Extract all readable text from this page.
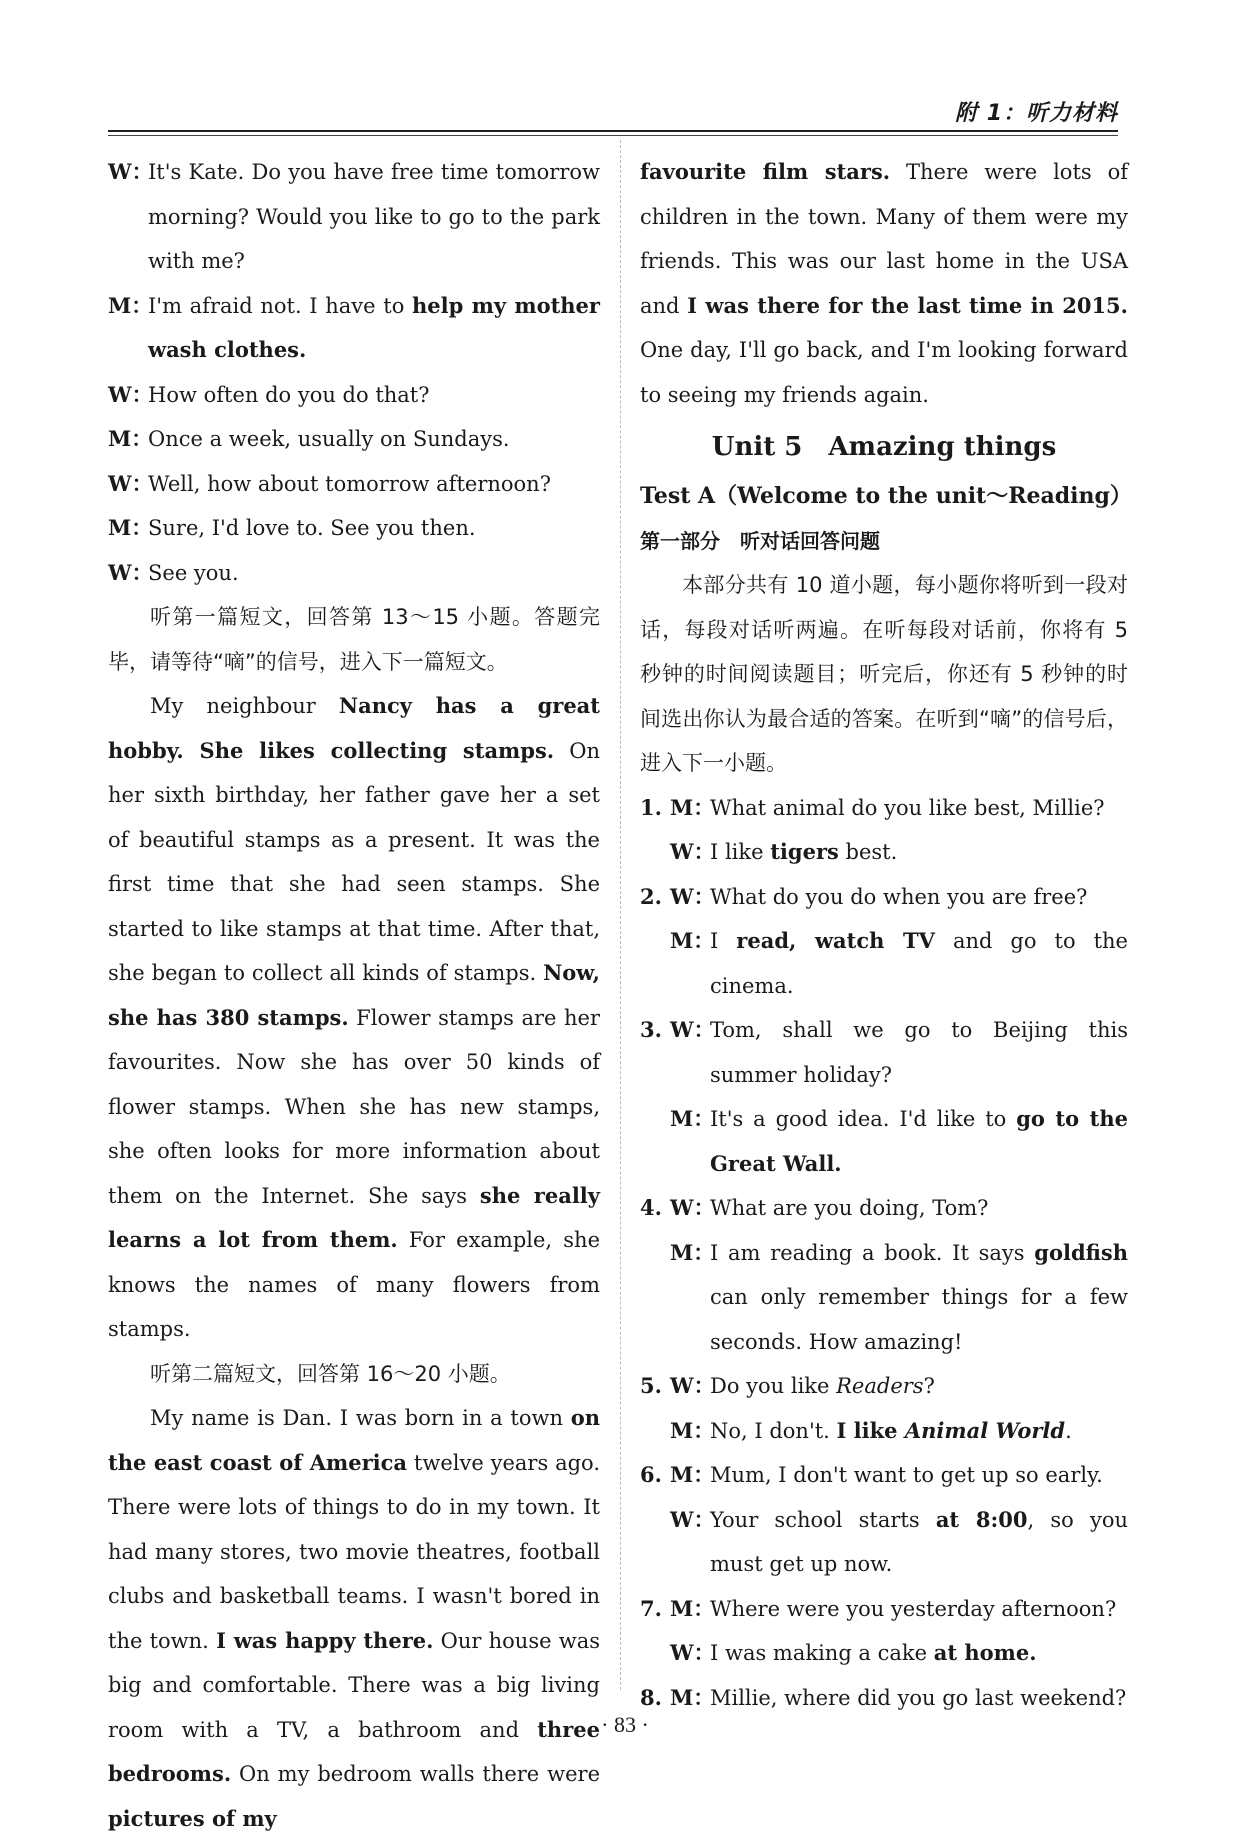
附 1：听力材料
W：
It's Kate. Do you have free time tomorrow morning? Would you like to go to the park with me?
M：
I'm afraid not. I have to help my mother wash clothes.
W：
How often do you do that?
M：
Once a week, usually on Sundays.
W：
Well, how about tomorrow afternoon?
M：
Sure, I'd love to. See you then.
W：
See you.

听第一篇短文，回答第 13～15 小题。答题完毕，请等待“嘀”的信号，进入下一篇短文。

My neighbour Nancy has a great hobby. She likes collecting stamps. On her sixth birthday, her father gave her a set of beautiful stamps as a present. It was the first time that she had seen stamps. She started to like stamps at that time. After that, she began to collect all kinds of stamps. Now, she has 380 stamps. Flower stamps are her favourites. Now she has over 50 kinds of flower stamps. When she has new stamps, she often looks for more information about them on the Internet. She says she really learns a lot from them. For example, she knows the names of many flowers from stamps.

听第二篇短文，回答第 16～20 小题。

My name is Dan. I was born in a town on the east coast of America twelve years ago. There were lots of things to do in my town. It had many stores, two movie theatres, football clubs and basketball teams. I wasn't bored in the town. I was happy there. Our house was big and comfortable. There was a big living room with a TV, a bathroom and three bedrooms. On my bedroom walls there were pictures of my

favourite film stars. There were lots of children in the town. Many of them were my friends. This was our last home in the USA and I was there for the last time in 2015. One day, I'll go back, and I'm looking forward to seeing my friends again.

Unit 5　Amazing things
Test A（Welcome to the unit～Reading）
第一部分　听对话回答问题

本部分共有 10 道小题，每小题你将听到一段对话，每段对话听两遍。在听每段对话前，你将有 5 秒钟的时间阅读题目；听完后，你还有 5 秒钟的时间选出你认为最合适的答案。在听到“嘀”的信号后，进入下一小题。

1. M：
What animal do you like best, Millie?
W：
I like tigers best.
2. W：
What do you do when you are free?
M：
I read, watch TV and go to the cinema.
3. W：
Tom, shall we go to Beijing this summer holiday?
M：
It's a good idea. I'd like to go to the Great Wall.
4. W：
What are you doing, Tom?
M：
I am reading a book. It says goldfish can only remember things for a few seconds. How amazing!
5. W：
Do you like Readers?
M：
No, I don't. I like Animal World.
6. M：
Mum, I don't want to get up so early.
W：
Your school starts at 8:00, so you must get up now.
7. M：
Where were you yesterday afternoon?
W：
I was making a cake at home.
8. M：
Millie, where did you go last weekend?
· 83 ·
